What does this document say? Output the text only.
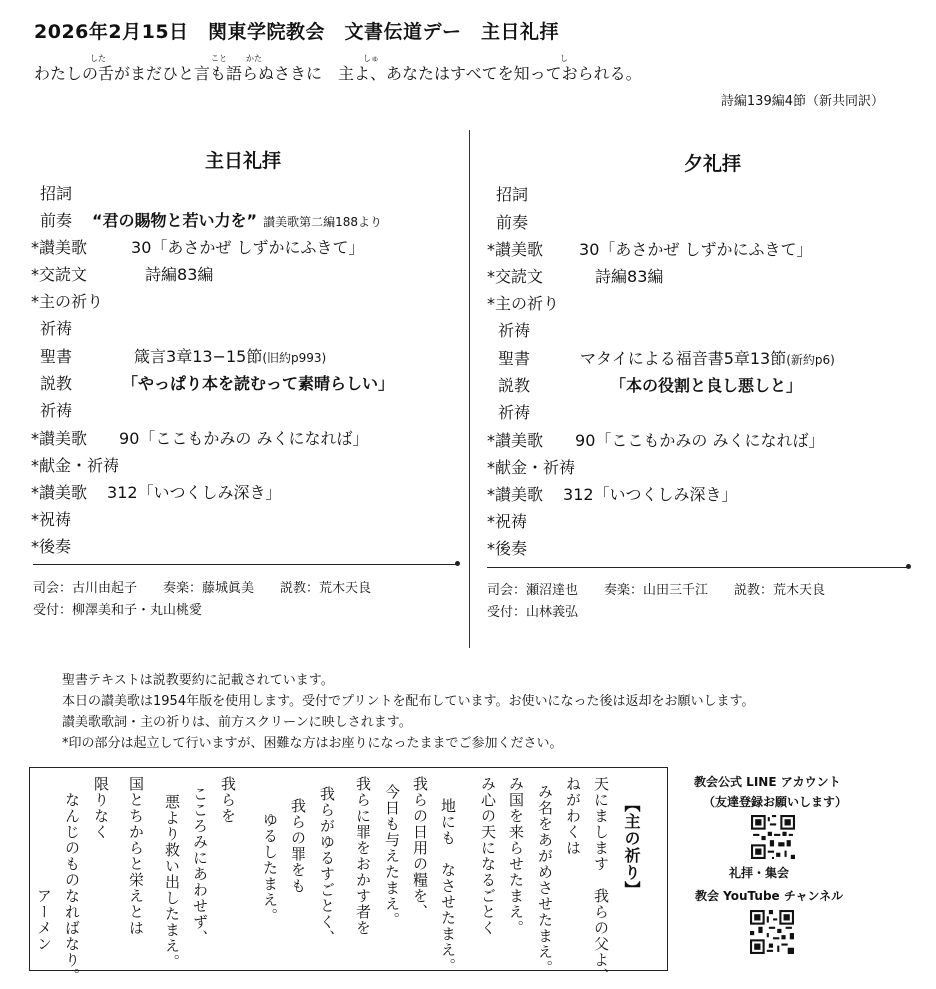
2026年2月15日　関東学院教会　文書伝道デー　主日礼拝
わたしの舌がまだひと言も語らぬさきに　主よ、あなたはすべてを知っておられる。
した	こと かた	しゅ	し
詩編139編4節（新共同訳）
主日礼拝
招詞
前奏 “君の賜物と若い力を” 讃美歌第二編188より
*讃美歌	30「あさかぜ しずかにふきて」
*交読文	詩編83編
*主の祈り
祈祷
聖書	箴言3章13−15節(旧約p993)
説教	「やっぱり本を読むって素晴らしい」
祈祷
*讃美歌 90「ここもかみの みくになれば」
*献金・祈祷
*讃美歌 312「いつくしみ深き」
*祝祷
*後奏
司会：古川由起子　　奏楽：藤城眞美　　説教：荒木天良
受付：柳澤美和子・丸山桃愛
夕礼拝
招詞
前奏
*讃美歌 30「あさかぜ しずかにふきて」
*交読文	詩編83編
*主の祈り
祈祷
聖書	マタイによる福音書5章13節(新約p6)
説教	「本の役割と良し悪しと」
祈祷
*讃美歌 90「ここもかみの みくになれば」
*献金・祈祷
*讃美歌 312「いつくしみ深き」
*祝祷
*後奏
司会：瀬沼達也　　奏楽：山田三千江　　説教：荒木天良
受付：山林義弘
聖書テキストは説教要約に記載されています。
本日の讃美歌は1954年版を使用します。受付でプリントを配布しています。お使いになった後は返却をお願いします。
讃美歌歌詞・主の祈りは、前方スクリーンに映しされます。
*印の部分は起立して行いますが、困難な方はお座りになったままでご参加ください。
【主の祈り】
天にまします　我らの父よ、
ねがわくは
み名をあがめさせたまえ。
み国を来らせたまえ。
み心の天になるごとく
地にも　なさせたまえ。
我らの日用の糧を、
今日も与えたまえ。
我らに罪をおかす者を
我らがゆるすごとく、
我らの罪をも
ゆるしたまえ。
我らを
こころみにあわせず、
悪より救い出したまえ。
国とちからと栄えとは
限りなく
なんじのものなればなり。
アーメン
教会公式 LINE アカウント
（友達登録お願いします）
礼拝・集会
教会 YouTube チャンネル
